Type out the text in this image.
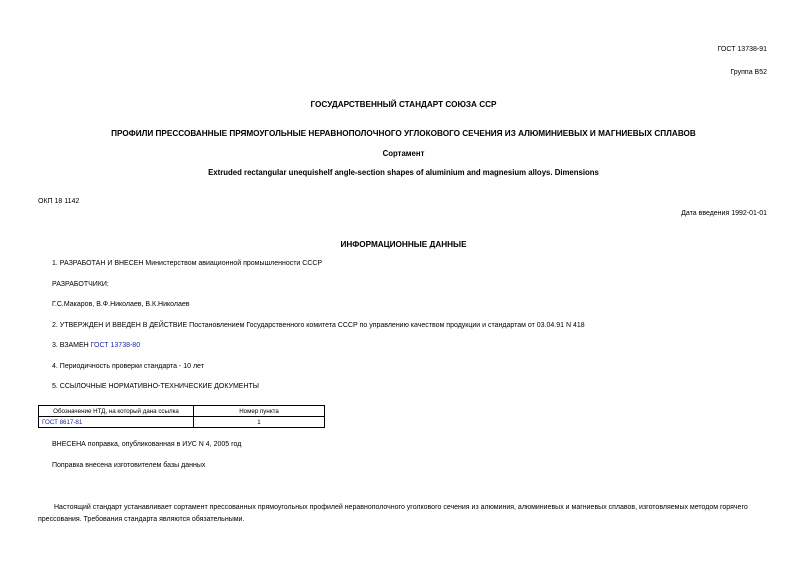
ГОСТ 13738-91
Группа В52
ГОСУДАРСТВЕННЫЙ СТАНДАРТ СОЮЗА ССР
ПРОФИЛИ ПРЕССОВАННЫЕ ПРЯМОУГОЛЬНЫЕ НЕРАВНОПОЛОЧНОГО УГЛОКОВОГО СЕЧЕНИЯ ИЗ АЛЮМИНИЕВЫХ И МАГНИЕВЫХ СПЛАВОВ
Сортамент
Extruded rectangular unequishelf angle-section shapes of aluminium and magnesium alloys. Dimensions
ОКП 18 1142
Дата введения 1992-01-01
ИНФОРМАЦИОННЫЕ ДАННЫЕ
1. РАЗРАБОТАН И ВНЕСЕН Министерством авиационной промышленности СССР
РАЗРАБОТЧИКИ:
Г.С.Макаров, В.Ф.Николаев, В.К.Николаев
2. УТВЕРЖДЕН И ВВЕДЕН В ДЕЙСТВИЕ Постановлением Государственного комитета СССР по управлению качеством продукции и стандартам от 03.04.91 N 418
3. ВЗАМЕН ГОСТ 13738-80
4. Периодичность проверки стандарта - 10 лет
5. ССЫЛОЧНЫЕ НОРМАТИВНО-ТЕХНИЧЕСКИЕ ДОКУМЕНТЫ
Обозначение НТД, на который дана ссылка	Номер пункта
ГОСТ 8617-81	1
ВНЕСЕНА поправка, опубликованная в ИУС N 4, 2005 год
Поправка внесена изготовителем базы данных
Настоящий стандарт устанавливает сортамент прессованных прямоугольных профилей неравнополочного уголкового сечения из алюминия, алюминиевых и магниевых сплавов, изготовляемых методом горячего прессования. Требования стандарта являются обязательными.
